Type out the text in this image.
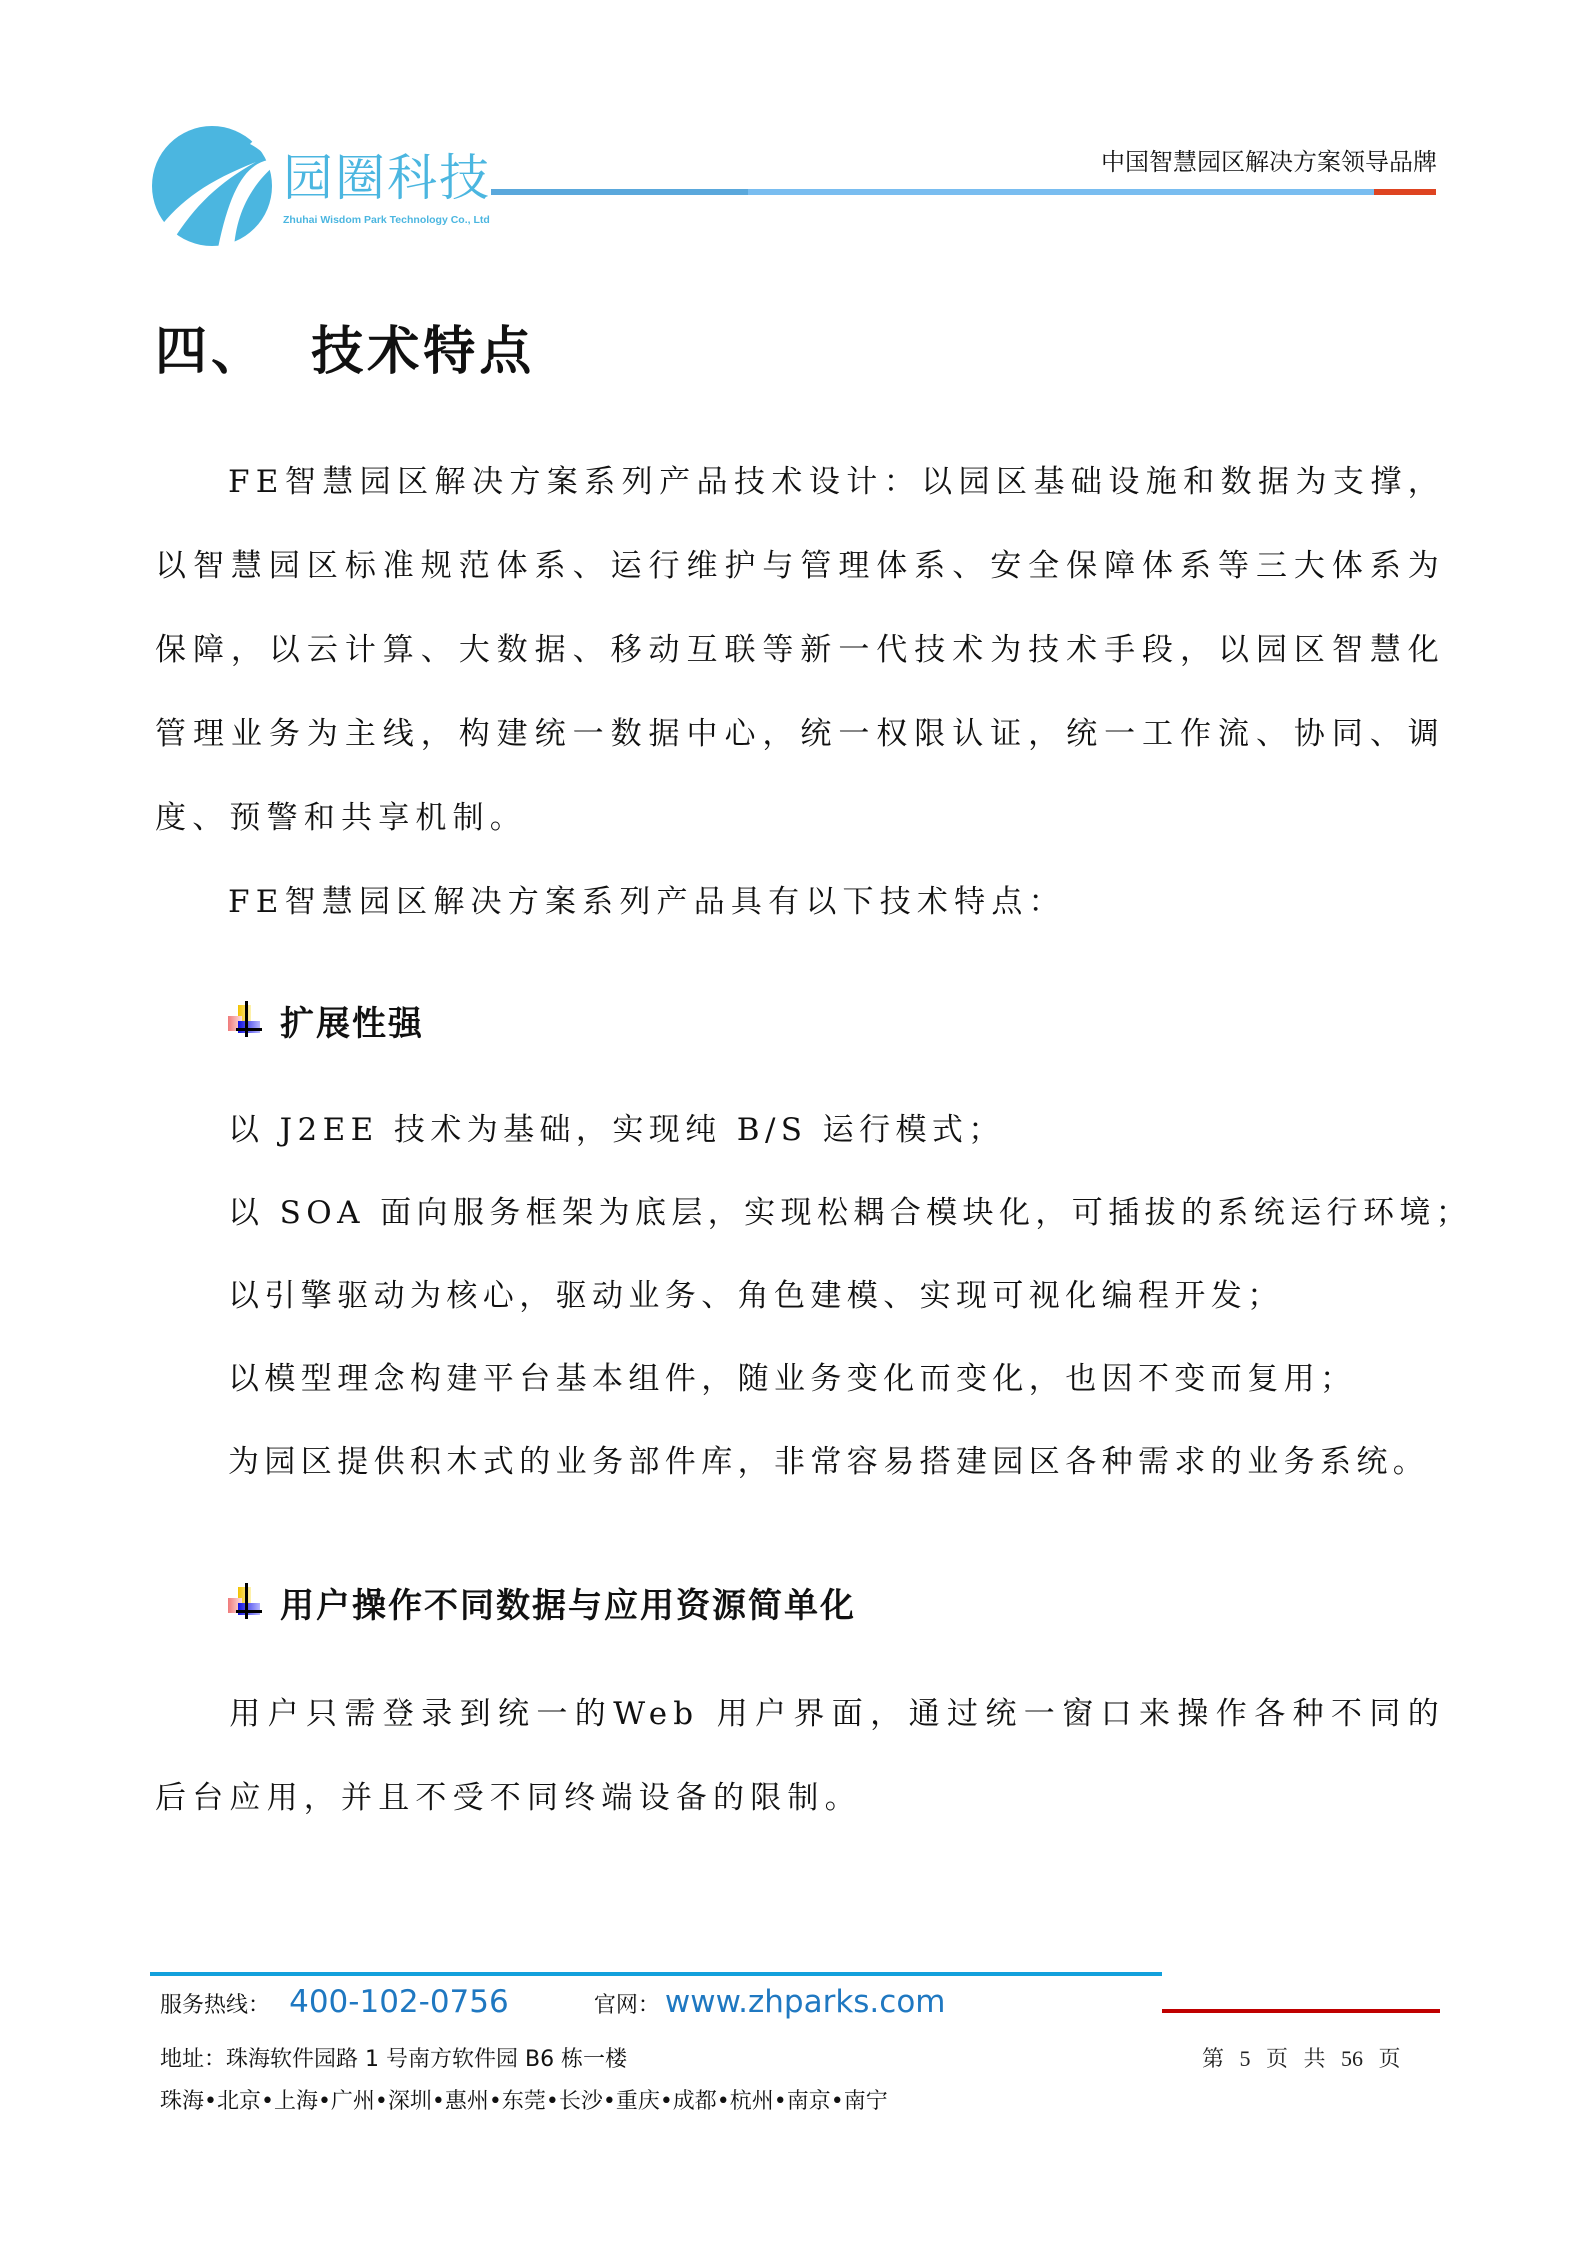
园圈科技
Zhuhai Wisdom Park Technology Co., Ltd
中国智慧园区解决方案领导品牌
四、 技术特点
FE智慧园区解决方案系列产品技术设计：以园区基础设施和数据为支撑，以智慧园区标准规范体系、运行维护与管理体系、安全保障体系等三大体系为保障，以云计算、大数据、移动互联等新一代技术为技术手段，以园区智慧化管理业务为主线，构建统一数据中心，统一权限认证，统一工作流、协同、调度、预警和共享机制。
FE智慧园区解决方案系列产品具有以下技术特点：
扩展性强
以 J2EE 技术为基础，实现纯 B/S 运行模式；
以 SOA 面向服务框架为底层，实现松耦合模块化，可插拔的系统运行环境；
以引擎驱动为核心，驱动业务、角色建模、实现可视化编程开发；
以模型理念构建平台基本组件，随业务变化而变化，也因不变而复用；
为园区提供积木式的业务部件库，非常容易搭建园区各种需求的业务系统。
用户操作不同数据与应用资源简单化
用户只需登录到统一的Web 用户界面，通过统一窗口来操作各种不同的后台应用，并且不受不同终端设备的限制。
服务热线： 400-102-0756	官网： www.zhparks.com
地址：珠海软件园路 1 号南方软件园 B6 栋一楼
珠海•北京•上海•广州•深圳•惠州•东莞•长沙•重庆•成都•杭州•南京•南宁
第 5 页 共 56 页
